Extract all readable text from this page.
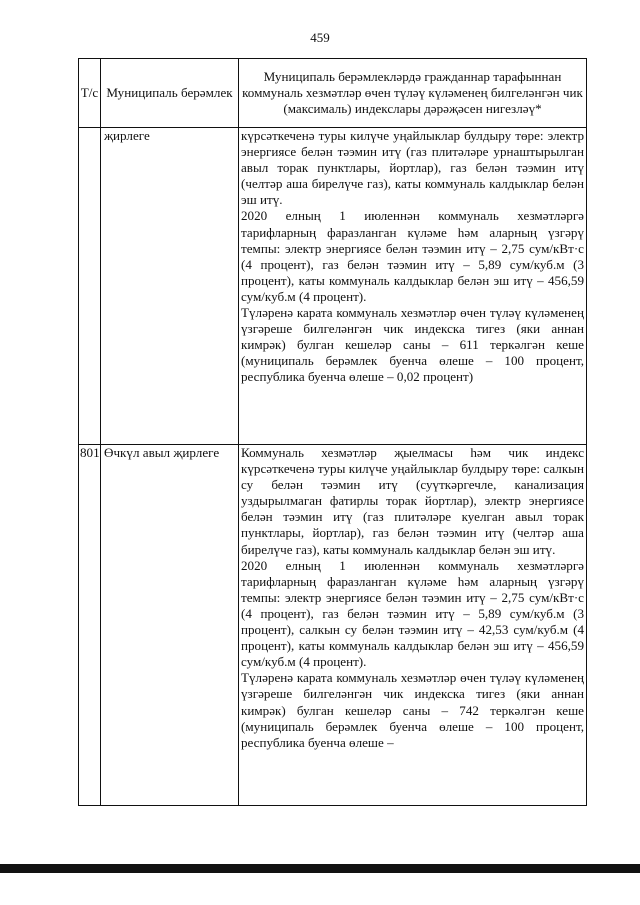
459
Т/с	Муниципаль берәмлек	Муниципаль берәмлекләрдә гражданнар тарафыннан коммуналь хезмәтләр өчен түләү күләменең билгеләнгән чик (максималь) индекслары дәрәҗәсен нигезләү*
	җирлеге	күрсәткеченә туры килүче уңайлыклар булдыру төре: электр энергиясе белән тәэмин итү (газ плитәләре урнаштырылган авыл торак пунктлары, йортлар), газ белән тәэмин итү (челтәр аша бирелүче газ), каты коммуналь калдыклар белән эш итү.

2020 елның 1 июленнән коммуналь хезмәтләргә тарифларның фаразланган күләме һәм аларның үзгәрү темпы: электр энергиясе белән тәэмин итү – 2,75 сум/кВт·с (4 процент), газ белән тәэмин итү – 5,89 сум/куб.м (3 процент), каты коммуналь калдыклар белән эш итү – 456,59 сум/куб.м (4 процент).

Түләренә карата коммуналь хезмәтләр өчен түләү күләменең үзгәреше билгеләнгән чик индекска тигез (яки аннан кимрәк) булган кешеләр саны – 611 теркәлгән кеше (муниципаль берәмлек буенча өлеше – 100 процент, республика буенча өлеше – 0,02 процент)

801	Өчкүл авыл җирлеге	Коммуналь хезмәтләр җыелмасы һәм чик индекс күрсәткеченә туры килүче уңайлыклар булдыру төре: салкын су белән тәэмин итү (суүткәргечле, канализация уздырылмаган фатирлы торак йортлар), электр энергиясе белән тәэмин итү (газ плитәләре куелган авыл торак пунктлары, йортлар), газ белән тәэмин итү (челтәр аша бирелүче газ), каты коммуналь калдыклар белән эш итү.

2020 елның 1 июленнән коммуналь хезмәтләргә тарифларның фаразланган күләме һәм аларның үзгәрү темпы: электр энергиясе белән тәэмин итү – 2,75 сум/кВт·с (4 процент), газ белән тәэмин итү – 5,89 сум/куб.м (3 процент), салкын су белән тәэмин итү – 42,53 сум/куб.м (4 процент), каты коммуналь калдыклар белән эш итү – 456,59 сум/куб.м (4 процент).

Түләренә карата коммуналь хезмәтләр өчен түләү күләменең үзгәреше билгеләнгән чик индекска тигез (яки аннан кимрәк) булган кешеләр саны – 742 теркәлгән кеше (муниципаль берәмлек буенча өлеше – 100 процент, республика буенча өлеше –
